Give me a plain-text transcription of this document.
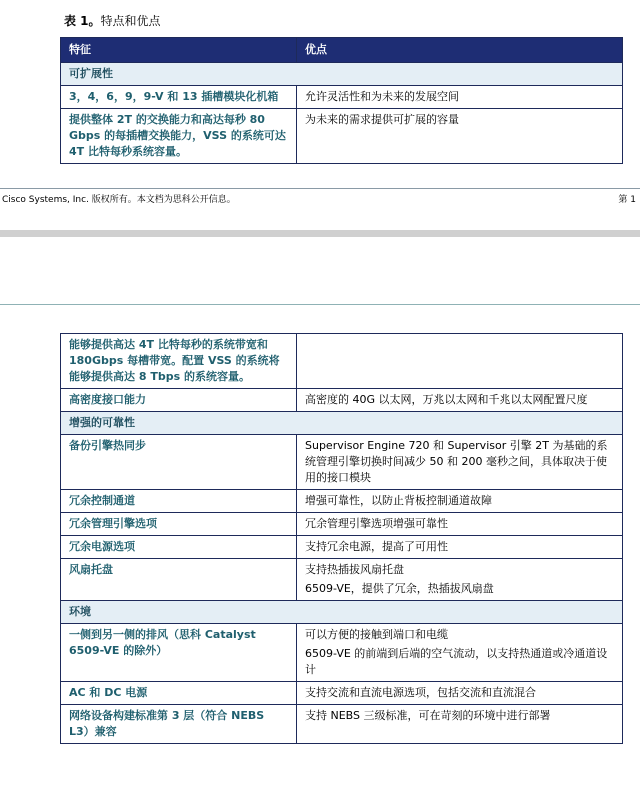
表 1。特点和优点
特征	优点
可扩展性	
3，4，6，9，9-V 和 13 插槽模块化机箱	允许灵活性和为未来的发展空间

提供整体 2T 的交换能力和高达每秒 80 Gbps 的每插槽交换能力，VSS 的系统可达 4T 比特每秒系统容量。	为未来的需求提供可扩展的容量

Cisco Systems, Inc. 版权所有。本文档为思科公开信息。	第 1
能够提供高达 4T 比特每秒的系统带宽和 180Gbps 每槽带宽。配置 VSS 的系统将能够提供高达 8 Tbps 的系统容量。	

高密度接口能力	高密度的 40G 以太网，万兆以太网和千兆以太网配置尺度

增强的可靠性	
备份引擎热同步	Supervisor Engine 720 和 Supervisor 引擎 2T 为基础的系统管理引擎切换时间减少 50 和 200 毫秒之间，具体取决于使用的接口模块

冗余控制通道	增强可靠性，以防止背板控制通道故障

冗余管理引擎选项	冗余管理引擎选项增强可靠性

冗余电源选项	支持冗余电源，提高了可用性

风扇托盘	支持热插拔风扇托盘

6509-VE，提供了冗余，热插拔风扇盘

环境	
一侧到另一侧的排风（思科 Catalyst 6509-VE 的除外）	可以方便的接触到端口和电缆

6509-VE 的前端到后端的空气流动，以支持热通道或冷通道设计

AC 和 DC 电源	支持交流和直流电源选项，包括交流和直流混合

网络设备构建标准第 3 层（符合 NEBS L3）兼容	支持 NEBS 三级标准，可在苛刻的环境中进行部署
